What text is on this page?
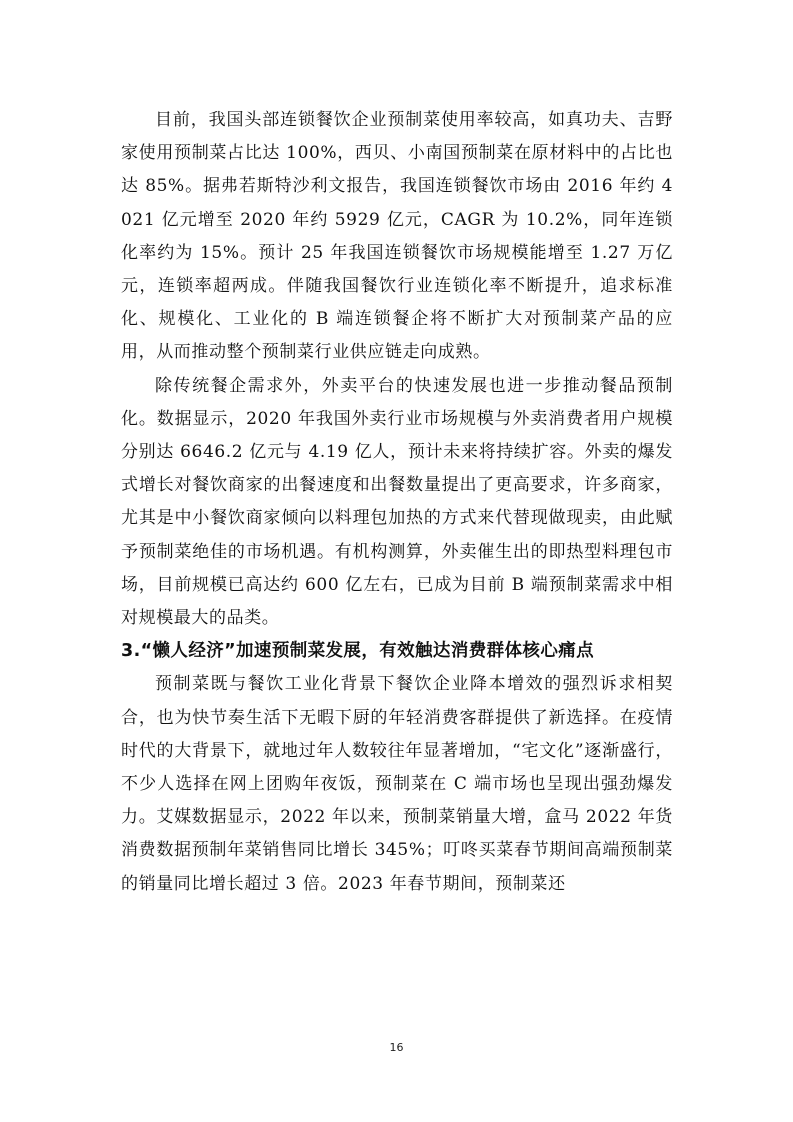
目前，我国头部连锁餐饮企业预制菜使用率较高，如真功夫、吉野家使用预制菜占比达 100%，西贝、小南国预制菜在原材料中的占比也达 85%。据弗若斯特沙利文报告，我国连锁餐饮市场由 2016 年约 4021 亿元增至 2020 年约 5929 亿元，CAGR 为 10.2%，同年连锁化率约为 15%。预计 25 年我国连锁餐饮市场规模能增至 1.27 万亿元，连锁率超两成。伴随我国餐饮行业连锁化率不断提升，追求标准化、规模化、工业化的 B 端连锁餐企将不断扩大对预制菜产品的应用，从而推动整个预制菜行业供应链走向成熟。

除传统餐企需求外，外卖平台的快速发展也进一步推动餐品预制化。数据显示，2020 年我国外卖行业市场规模与外卖消费者用户规模分别达 6646.2 亿元与 4.19 亿人，预计未来将持续扩容。外卖的爆发式增长对餐饮商家的出餐速度和出餐数量提出了更高要求，许多商家，尤其是中小餐饮商家倾向以料理包加热的方式来代替现做现卖，由此赋予预制菜绝佳的市场机遇。有机构测算，外卖催生出的即热型料理包市场，目前规模已高达约 600 亿左右，已成为目前 B 端预制菜需求中相对规模最大的品类。

3.“懒人经济”加速预制菜发展，有效触达消费群体核心痛点

预制菜既与餐饮工业化背景下餐饮企业降本增效的强烈诉求相契合，也为快节奏生活下无暇下厨的年轻消费客群提供了新选择。在疫情时代的大背景下，就地过年人数较往年显著增加，“宅文化”逐渐盛行，不少人选择在网上团购年夜饭，预制菜在 C 端市场也呈现出强劲爆发力。艾媒数据显示，2022 年以来，预制菜销量大增，盒马 2022 年货消费数据预制年菜销售同比增长 345%；叮咚买菜春节期间高端预制菜的销量同比增长超过 3 倍。2023 年春节期间，预制菜还

16
